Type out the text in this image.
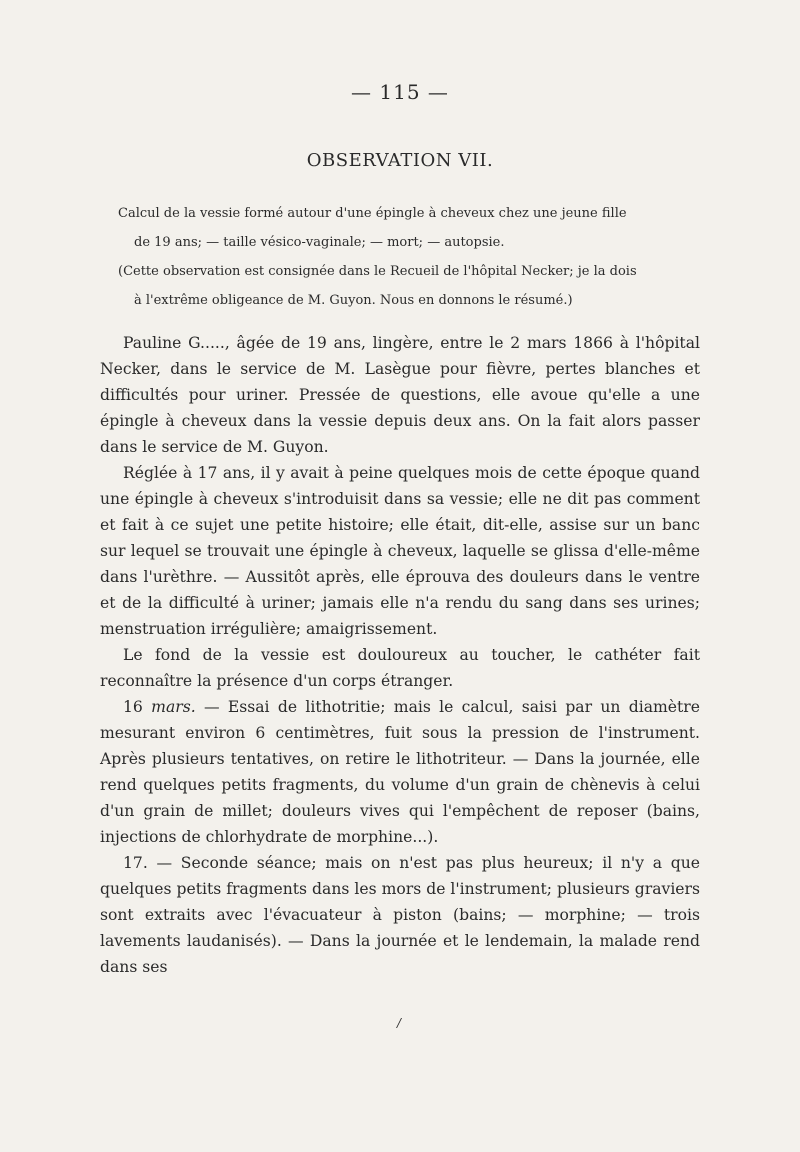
— 115 —
OBSERVATION VII.

Calcul de la vessie formé autour d'une épingle à cheveux chez une jeune fille

de 19 ans; — taille vésico-vaginale; — mort; — autopsie.

(Cette observation est consignée dans le Recueil de l'hôpital Necker; je la dois

à l'extrême obligeance de M. Guyon. Nous en donnons le résumé.)

Pauline G....., âgée de 19 ans, lingère, entre le 2 mars 1866 à l'hôpital Necker, dans le service de M. Lasègue pour fièvre, pertes blanches et difficultés pour uriner. Pressée de questions, elle avoue qu'elle a une épingle à cheveux dans la vessie depuis deux ans. On la fait alors passer dans le service de M. Guyon.

Réglée à 17 ans, il y avait à peine quelques mois de cette époque quand une épingle à cheveux s'introduisit dans sa vessie; elle ne dit pas comment et fait à ce sujet une petite histoire; elle était, dit-elle, assise sur un banc sur lequel se trouvait une épingle à cheveux, laquelle se glissa d'elle-même dans l'urèthre. — Aussitôt après, elle éprouva des douleurs dans le ventre et de la difficulté à uriner; jamais elle n'a rendu du sang dans ses urines; menstruation irrégulière; amaigrissement.

Le fond de la vessie est douloureux au toucher, le cathéter fait reconnaître la présence d'un corps étranger.

16 mars. — Essai de lithotritie; mais le calcul, saisi par un diamètre mesurant environ 6 centimètres, fuit sous la pression de l'instrument. Après plusieurs tentatives, on retire le lithotriteur. — Dans la journée, elle rend quelques petits fragments, du volume d'un grain de chènevis à celui d'un grain de millet; douleurs vives qui l'empêchent de reposer (bains, injections de chlorhydrate de morphine...).

17. — Seconde séance; mais on n'est pas plus heureux; il n'y a que quelques petits fragments dans les mors de l'instrument; plusieurs graviers sont extraits avec l'évacuateur à piston (bains; — morphine; — trois lavements laudanisés). — Dans la journée et le lendemain, la malade rend dans ses

/
